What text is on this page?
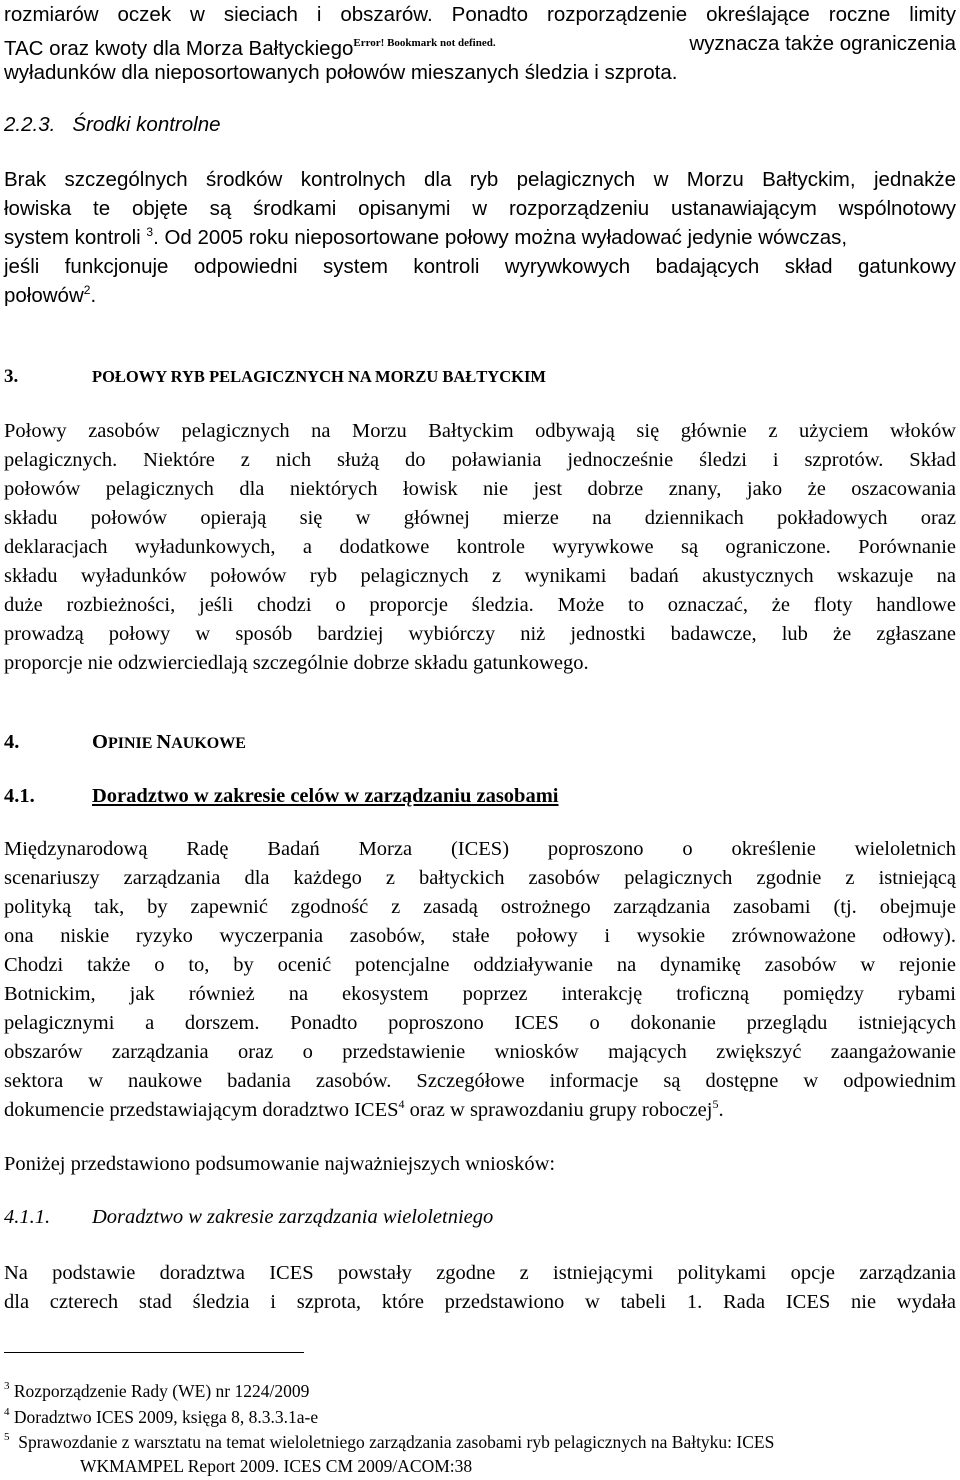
rozmiarów oczek w sieciach i obszarów. Ponadto rozporządzenie określające roczne limity
TAC oraz kwoty dla Morza Bałtyckiego$^{Error! Bookmark not defined.}$	wyznacza także ograniczenia
wyładunków dla nieposortowanych połowów mieszanych śledzia i szprota.
2.2.3.   Środki kontrolne
Brak szczególnych środków kontrolnych dla ryb pelagicznych w Morzu Bałtyckim, jednakże
łowiska te objęte są środkami opisanymi w rozporządzeniu ustanawiającym wspólnotowy
system kontroli $^3$. Od 2005 roku nieposortowane połowy można wyładować jedynie wówczas,
jeśli funkcjonuje odpowiedni system kontroli wyrywkowych badających skład gatunkowy
połowów$^2$.
3.	POŁOWY RYB PELAGICZNYCH NA MORZU BAŁTYCKIM
Połowy zasobów pelagicznych na Morzu Bałtyckim odbywają się głównie z użyciem włoków
pelagicznych. Niektóre z nich służą do poławiania jednocześnie śledzi i szprotów. Skład
połowów pelagicznych dla niektórych łowisk nie jest dobrze znany, jako że oszacowania
składu połowów opierają się w głównej mierze na dziennikach pokładowych oraz
deklaracjach wyładunkowych, a dodatkowe kontrole wyrywkowe są ograniczone. Porównanie
składu wyładunków połowów ryb pelagicznych z wynikami badań akustycznych wskazuje na
duże rozbieżności, jeśli chodzi o proporcje śledzia. Może to oznaczać, że floty handlowe
prowadzą połowy w sposób bardziej wybiórczy niż jednostki badawcze, lub że zgłaszane
proporcje nie odzwierciedlają szczególnie dobrze składu gatunkowego.
4.	OPINIE NAUKOWE
4.1.	Doradztwo w zakresie celów w zarządzaniu zasobami
Międzynarodową Radę Badań Morza (ICES) poproszono o określenie wieloletnich
scenariuszy zarządzania dla każdego z bałtyckich zasobów pelagicznych zgodnie z istniejącą
polityką tak, by zapewnić zgodność z zasadą ostrożnego zarządzania zasobami (tj. obejmuje
ona niskie ryzyko wyczerpania zasobów, stałe połowy i wysokie zrównoważone odłowy).
Chodzi także o to, by ocenić potencjalne oddziaływanie na dynamikę zasobów w rejonie
Botnickim, jak również na ekosystem poprzez interakcję troficzną pomiędzy rybami
pelagicznymi a dorszem. Ponadto poproszono ICES o dokonanie przeglądu istniejących
obszarów zarządzania oraz o przedstawienie wniosków mających zwiększyć zaangażowanie
sektora w naukowe badania zasobów. Szczegółowe informacje są dostępne w odpowiednim
dokumencie przedstawiającym doradztwo ICES$^4$ oraz w sprawozdaniu grupy roboczej$^5$.
Poniżej przedstawiono podsumowanie najważniejszych wniosków:
4.1.1. Doradztwo w zakresie zarządzania wieloletniego
Na podstawie doradztwa ICES powstały zgodne z istniejącymi politykami opcje zarządzania
dla czterech stad śledzia i szprota, które przedstawiono w tabeli 1. Rada ICES nie wydała
$^3$ Rozporządzenie Rady (WE) nr 1224/2009
$^4$ Doradztwo ICES 2009, księga 8, 8.3.3.1a-e
$^5$  Sprawozdanie z warsztatu na temat wieloletniego zarządzania zasobami ryb pelagicznych na Bałtyku: ICES
WKMAMPEL Report 2009. ICES CM 2009/ACOM:38
